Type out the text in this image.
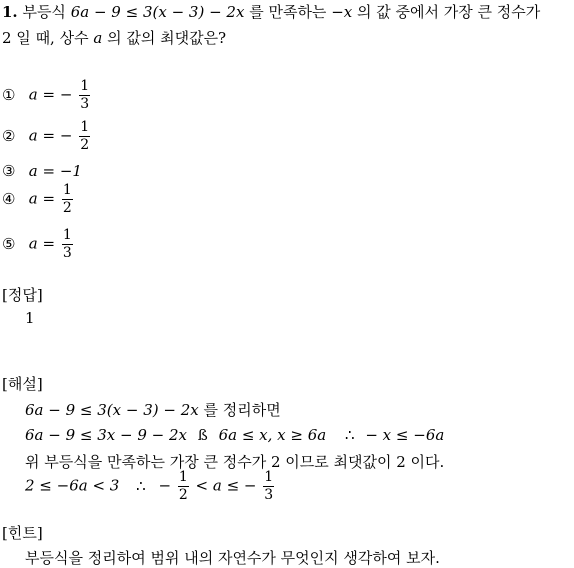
1. 부등식 6a − 9 ≤ 3(x − 3) − 2x 를 만족하는 −x 의 값 중에서 가장 큰 정수가
2 일 때, 상수 a 의 값의 최댓값은?
① a = − $\frac{1}{3}$
② a = − $\frac{1}{2}$
③ a = −1
④ $a = \frac{1}{2}$
⑤ $a = \frac{1}{3}$
[정답]
1
[해설]
6a − 9 ≤ 3(x − 3) − 2x 를 정리하면
6a − 9 ≤ 3x − 9 − 2x ß 6a ≤ x, x ≥ 6a ∴ − x ≤ −6a
위 부등식을 만족하는 가장 큰 정수가 2 이므로 최댓값이 2 이다.
2 ≤ −6a < 3 ∴ − $\frac{1}{2} < a$ ≤ − $\frac{1}{3}$
[힌트]
부등식을 정리하여 범위 내의 자연수가 무엇인지 생각하여 보자.
